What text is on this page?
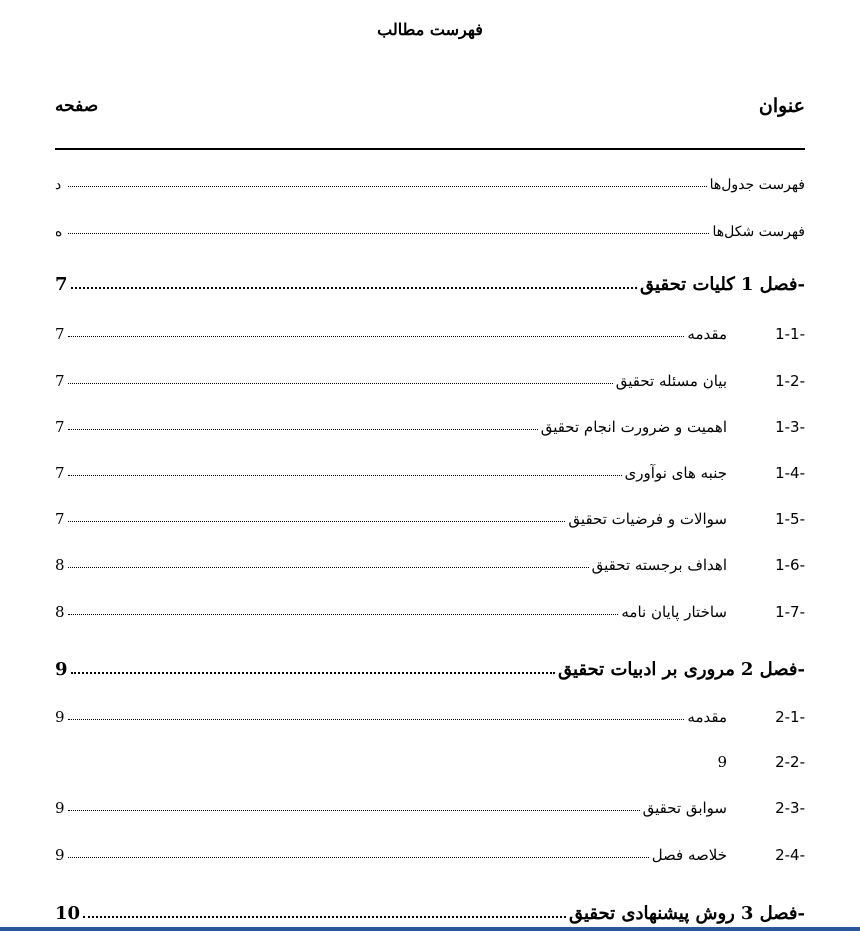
فهرست مطالب
عنوان
صفحه
فهرست جدول‌ها
د
فهرست شکل‌ها
ه
فصل 1-
کلیات تحقیق
7
1-1-
مقدمه
7
1-2-
بیان مسئله تحقیق
7
1-3-
اهمیت و ضرورت انجام تحقیق
7
1-4-
جنبه های نوآوری
7
1-5-
سوالات و فرضیات تحقیق
7
1-6-
اهداف برجسته تحقیق
8
1-7-
ساختار پایان نامه
8
فصل 2-
مروری بر ادبیات تحقیق
9
2-1-
مقدمه
9
2-2-
9
2-3-
سوابق تحقیق
9
2-4-
خلاصه فصل
9
فصل 3-
روش پیشنهادی تحقیق
10
